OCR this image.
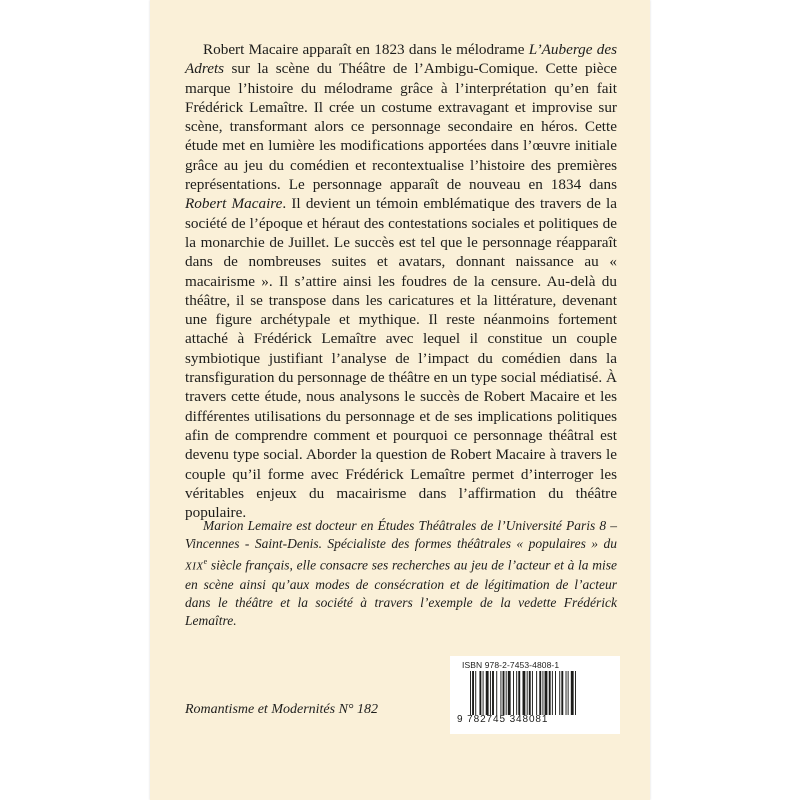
Robert Macaire apparaît en 1823 dans le mélodrame L’Auberge des Adrets sur la scène du Théâtre de l’Ambigu-Comique. Cette pièce marque l’histoire du mélodrame grâce à l’interprétation qu’en fait Frédérick Lemaître. Il crée un costume extravagant et improvise sur scène, transformant alors ce personnage secondaire en héros. Cette étude met en lumière les modifications apportées dans l’œuvre initiale grâce au jeu du comédien et recontextualise l’histoire des premières représentations. Le personnage apparaît de nouveau en 1834 dans Robert Macaire. Il devient un témoin emblématique des travers de la société de l’époque et héraut des contestations sociales et politiques de la monarchie de Juillet. Le succès est tel que le personnage réapparaît dans de nombreuses suites et avatars, donnant naissance au « macairisme ». Il s’attire ainsi les foudres de la censure. Au-delà du théâtre, il se transpose dans les caricatures et la littérature, devenant une figure archétypale et mythique. Il reste néanmoins fortement attaché à Frédérick Lemaître avec lequel il constitue un couple symbiotique justifiant l’analyse de l’impact du comédien dans la transfiguration du personnage de théâtre en un type social médiatisé. À travers cette étude, nous analysons le succès de Robert Macaire et les différentes utilisations du personnage et de ses implications politiques afin de comprendre comment et pourquoi ce personnage théâtral est devenu type social. Aborder la question de Robert Macaire à travers le couple qu’il forme avec Frédérick Lemaître permet d’interroger les véritables enjeux du macairisme dans l’affirmation du théâtre populaire.

Marion Lemaire est docteur en Études Théâtrales de l’Université Paris 8 – Vincennes - Saint-Denis. Spécialiste des formes théâtrales « populaires » du XIXe siècle français, elle consacre ses recherches au jeu de l’acteur et à la mise en scène ainsi qu’aux modes de consécration et de légitimation de l’acteur dans le théâtre et la société à travers l’exemple de la vedette Frédérick Lemaître.

Romantisme et Modernités N° 182
ISBN 978-2-7453-4808-1
9 782745 348081
